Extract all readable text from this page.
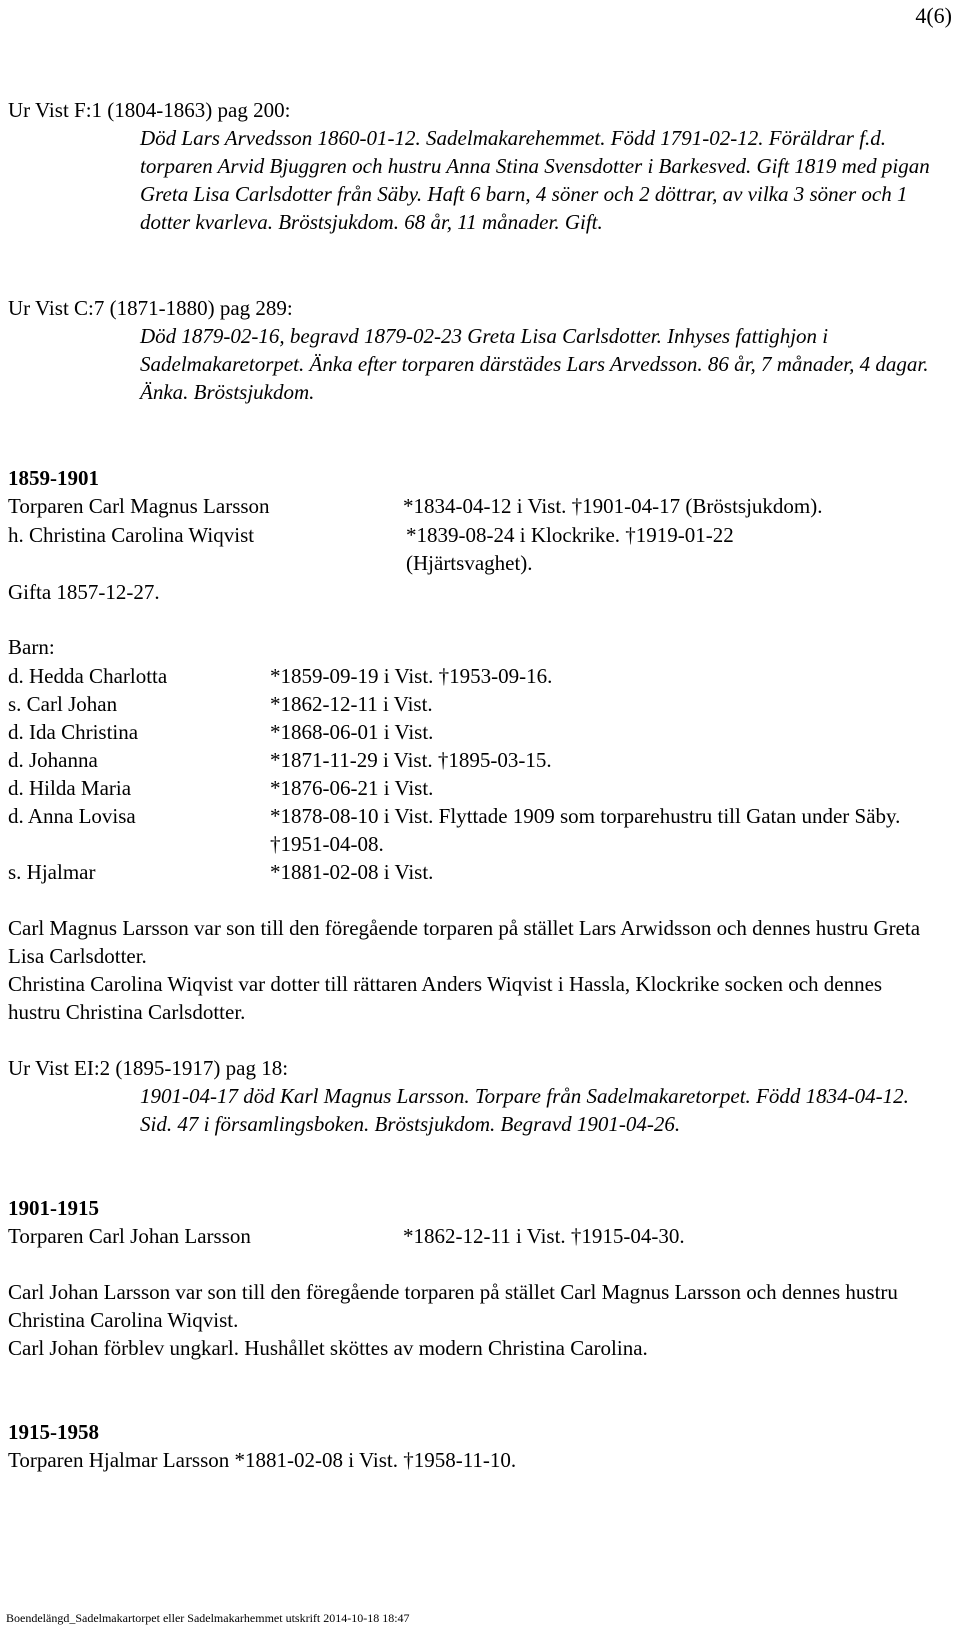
4(6)
Ur Vist F:1 (1804-1863) pag 200:
Död Lars Arvedsson 1860-01-12. Sadelmakarehemmet. Född 1791-02-12. Föräldrar f.d. torparen Arvid Bjuggren och hustru Anna Stina Svensdotter i Barkesved. Gift 1819 med pigan Greta Lisa Carlsdotter från Säby. Haft 6 barn, 4 söner och 2 döttrar, av vilka 3 söner och 1 dotter kvarleva. Bröstsjukdom. 68 år, 11 månader. Gift.
Ur Vist C:7 (1871-1880) pag 289:
Död 1879-02-16, begravd 1879-02-23 Greta Lisa Carlsdotter. Inhyses fattighjon i Sadelmakaretorpet. Änka efter torparen därstädes Lars Arvedsson. 86 år, 7 månader, 4 dagar. Änka. Bröstsjukdom.
1859-1901
Torparen Carl Magnus Larsson	*1834-04-12 i Vist. †1901-04-17 (Bröstsjukdom).
h. Christina Carolina Wiqvist	*1839-08-24 i Klockrike. †1919-01-22
(Hjärtsvaghet).
Gifta 1857-12-27.
Barn:
d. Hedda Charlotta	*1859-09-19 i Vist. †1953-09-16.
s. Carl Johan	*1862-12-11 i Vist.
d. Ida Christina	*1868-06-01 i Vist.
d. Johanna	*1871-11-29 i Vist. †1895-03-15.
d. Hilda Maria	*1876-06-21 i Vist.
d. Anna Lovisa	*1878-08-10 i Vist. Flyttade 1909 som torparehustru till Gatan under Säby. †1951-04-08.
s. Hjalmar	*1881-02-08 i Vist.
Carl Magnus Larsson var son till den föregående torparen på stället Lars Arwidsson och dennes hustru Greta Lisa Carlsdotter.
Christina Carolina Wiqvist var dotter till rättaren Anders Wiqvist i Hassla, Klockrike socken och dennes hustru Christina Carlsdotter.
Ur Vist EI:2 (1895-1917) pag 18:
1901-04-17 död Karl Magnus Larsson. Torpare från Sadelmakaretorpet. Född 1834-04-12. Sid. 47 i församlingsboken. Bröstsjukdom. Begravd 1901-04-26.
1901-1915
Torparen Carl Johan Larsson	*1862-12-11 i Vist. †1915-04-30.
Carl Johan Larsson var son till den föregående torparen på stället Carl Magnus Larsson och dennes hustru Christina Carolina Wiqvist.
Carl Johan förblev ungkarl. Hushållet sköttes av modern Christina Carolina.
1915-1958
Torparen Hjalmar Larsson *1881-02-08 i Vist. †1958-11-10.
Boendelängd_Sadelmakartorpet eller Sadelmakarhemmet utskrift 2014-10-18 18:47
